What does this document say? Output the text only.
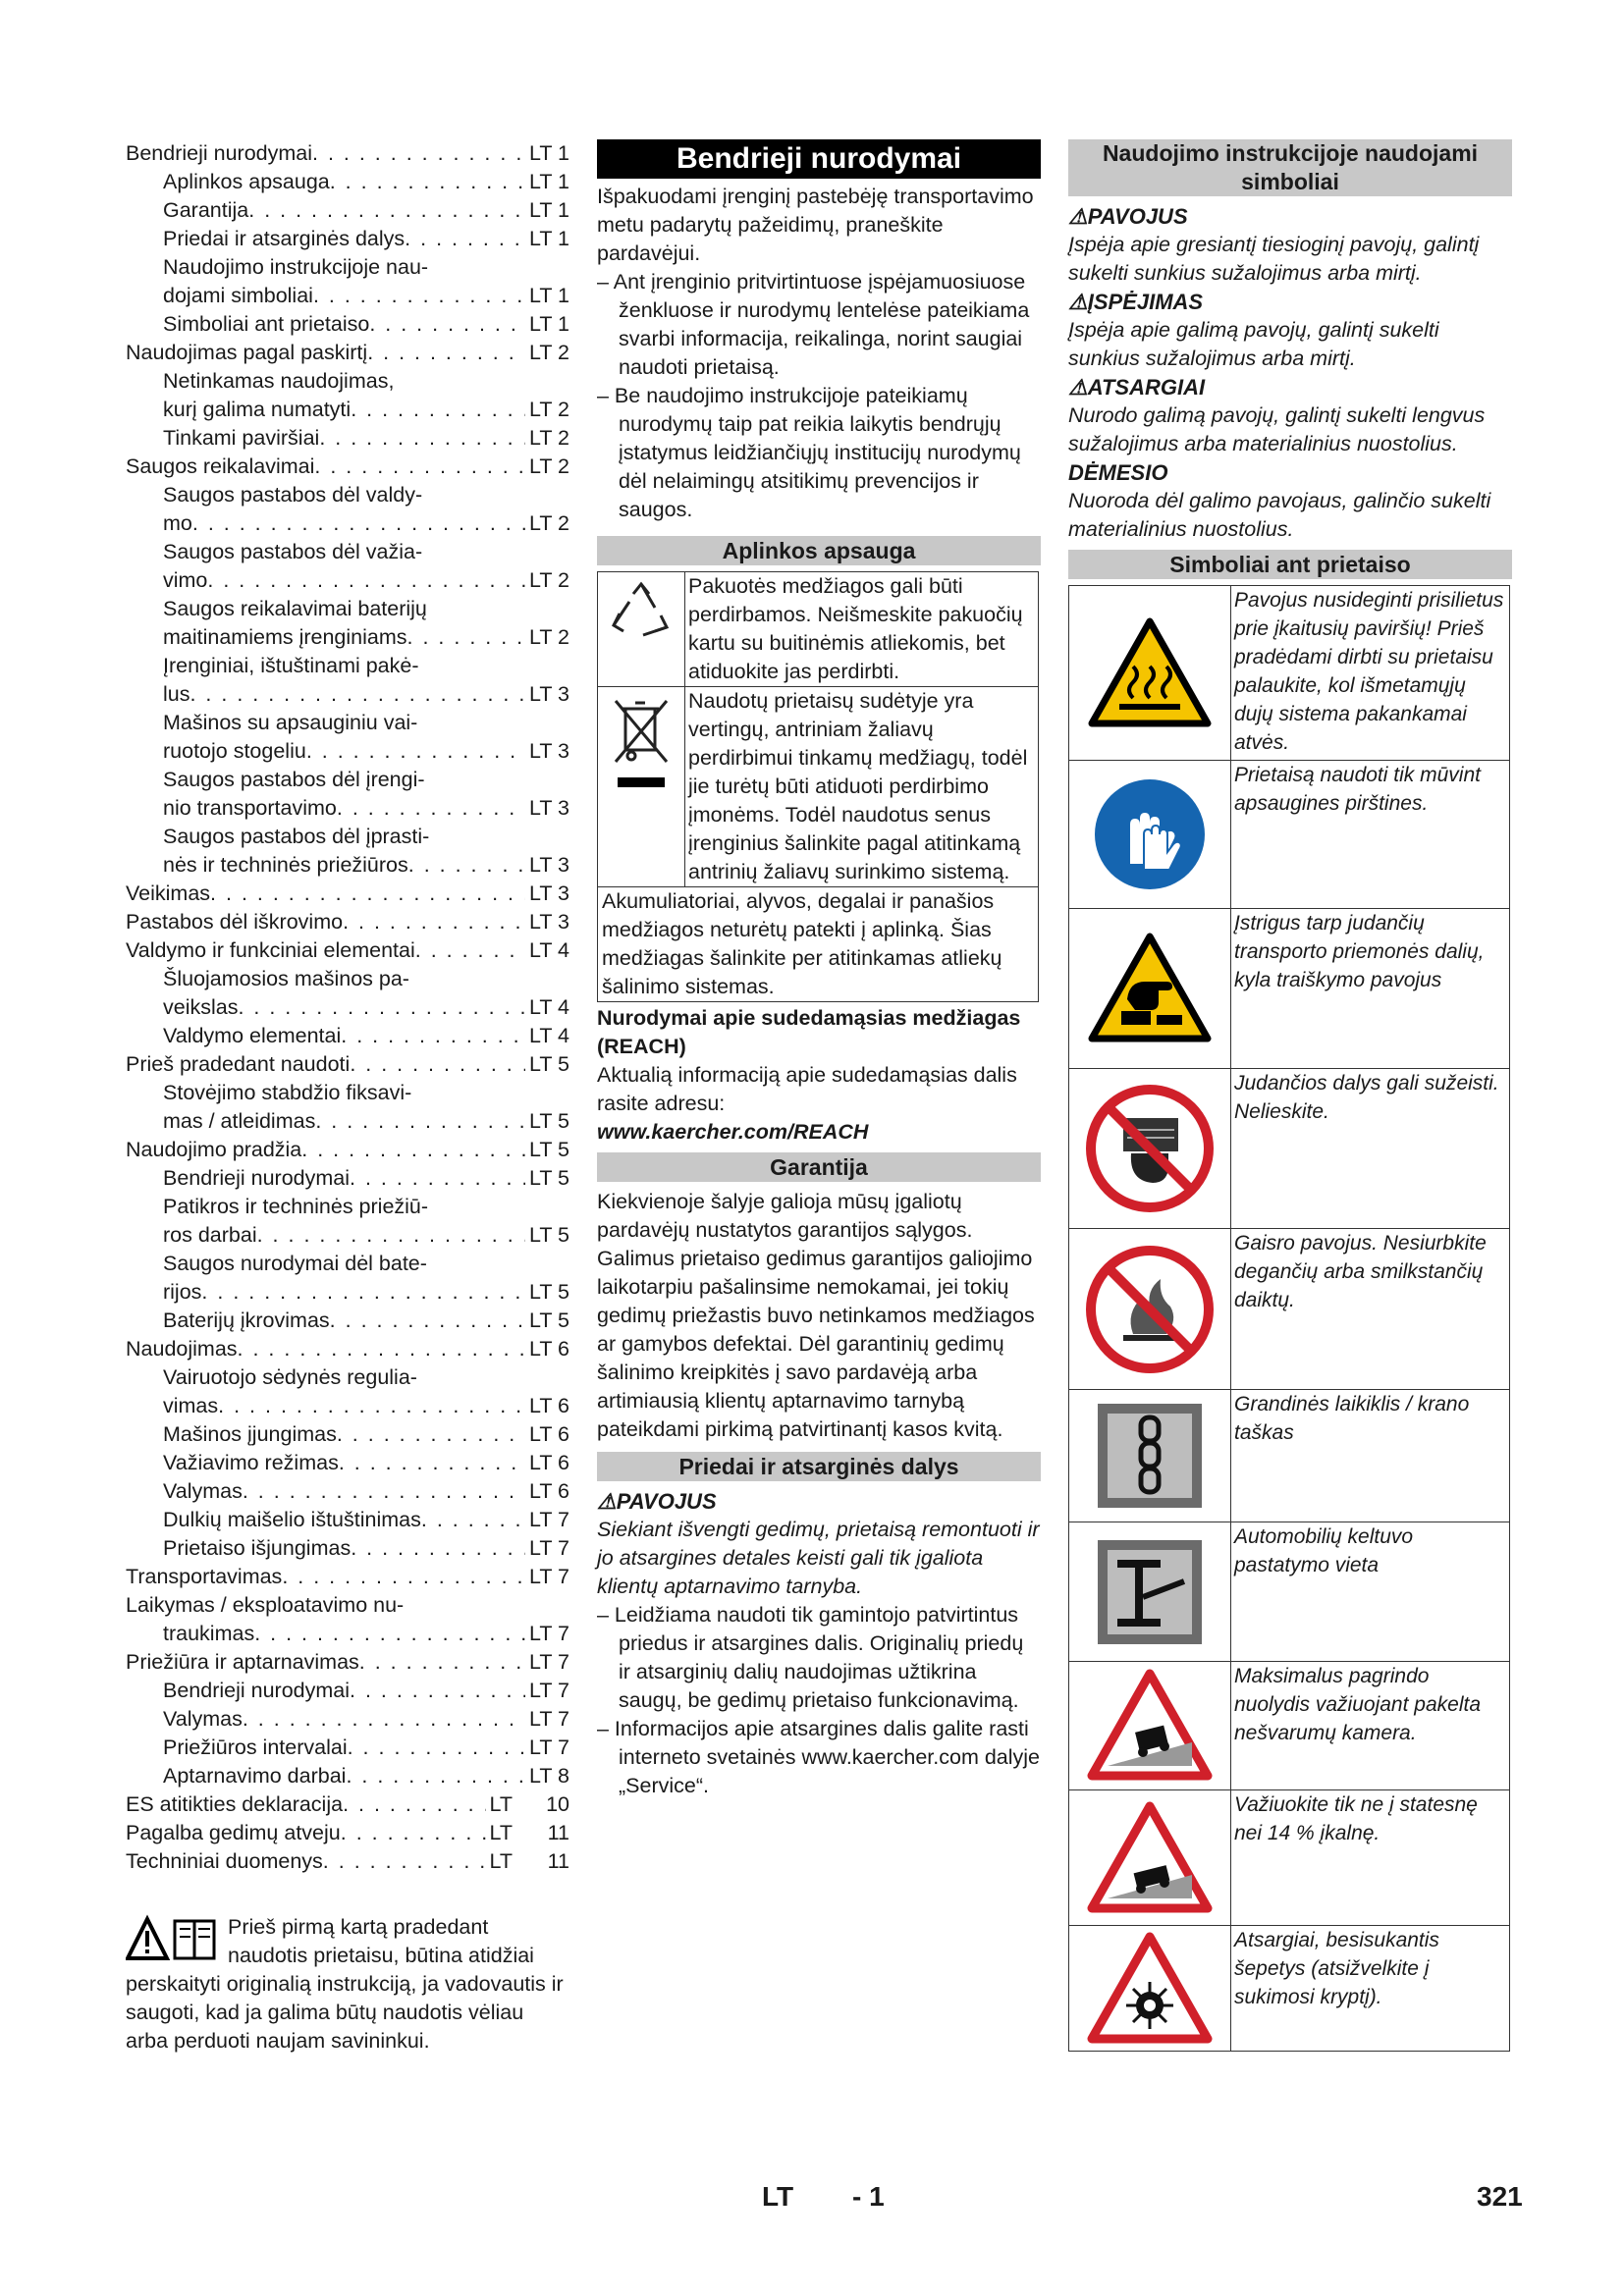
Bendrieji nurodymai . . .	LT 1
Aplinkos apsauga . . .	LT 1
Garantija . . .	LT 1
Priedai ir atsarginės dalys . . .	LT 1
Naudojimo instrukcijoje nau-
dojami simboliai . . .	LT 1
Simboliai ant prietaiso . . .	LT 1
Naudojimas pagal paskirtį . . .	LT 2
Netinkamas naudojimas,
kurį galima numatyti . . .	LT 2
Tinkami paviršiai . . .	LT 2
Saugos reikalavimai . . .	LT 2
Saugos pastabos dėl valdy-
mo . . .	LT 2
Saugos pastabos dėl važia-
vimo . . .	LT 2
Saugos reikalavimai baterijų
maitinamiems įrenginiams . . .	LT 2
Įrenginiai, ištuštinami pakė-
lus . . .	LT 3
Mašinos su apsauginiu vai-
ruotojo stogeliu . . .	LT 3
Saugos pastabos dėl įrengi-
nio transportavimo . . .	LT 3
Saugos pastabos dėl įprasti-
nės ir techninės priežiūros . . .	LT 3
Veikimas . . .	LT 3
Pastabos dėl iškrovimo . . .	LT 3
Valdymo ir funkciniai elementai . . .	LT 4
Šluojamosios mašinos pa-
veikslas . . .	LT 4
Valdymo elementai . . .	LT 4
Prieš pradedant naudoti . . .	LT 5
Stovėjimo stabdžio fiksavi-
mas / atleidimas . . .	LT 5
Naudojimo pradžia . . .	LT 5
Bendrieji nurodymai . . .	LT 5
Patikros ir techninės priežiū-
ros darbai . . .	LT 5
Saugos nurodymai dėl bate-
rijos . . .	LT 5
Baterijų įkrovimas . . .	LT 5
Naudojimas . . .	LT 6
Vairuotojo sėdynės regulia-
vimas . . .	LT 6
Mašinos įjungimas . . .	LT 6
Važiavimo režimas . . .	LT 6
Valymas . . .	LT 6
Dulkių maišelio ištuštinimas . . .	LT 7
Prietaiso išjungimas . . .	LT 7
Transportavimas . . .	LT 7
Laikymas / eksploatavimo nu-
traukimas . . .	LT 7
Priežiūra ir aptarnavimas . . .	LT 7
Bendrieji nurodymai . . .	LT 7
Valymas . . .	LT 7
Priežiūros intervalai . . .	LT 7
Aptarnavimo darbai . . .	LT 8
ES atitikties deklaracija . . .	LT	10
Pagalba gedimų atveju . . .	LT	11
Techniniai duomenys . . .	LT	11
Prieš pirmą kartą pradedant naudotis prietaisu, būtina atidžiai perskaityti originalią instrukciją, ja vadovautis ir saugoti, kad ja galima būtų naudotis vėliau arba perduoti naujam savininkui.
Bendrieji nurodymai
Išpakuodami įrenginį pastebėję transportavimo metu padarytų pažeidimų, praneškite pardavėjui.
– Ant įrenginio pritvirtintuose įspėjamuosiuose ženkluose ir nurodymų lentelėse pateikiama svarbi informacija, reikalinga, norint saugiai naudoti prietaisą.
– Be naudojimo instrukcijoje pateikiamų nurodymų taip pat reikia laikytis bendrųjų įstatymus leidžiančiųjų institucijų nurodymų dėl nelaimingų atsitikimų prevencijos ir saugos.
Aplinkos apsauga
Pakuotės medžiagos gali būti perdirbamos. Neišmeskite pakuočių kartu su buitinėmis atliekomis, bet atiduokite jas perdirbti.
Naudotų prietaisų sudėtyje yra vertingų, antriniam žaliavų perdirbimui tinkamų medžiagų, todėl jie turėtų būti atiduoti perdirbimo įmonėms. Todėl naudotus senus įrenginius šalinkite pagal atitinkamą antrinių žaliavų surinkimo sistemą.
Akumuliatoriai, alyvos, degalai ir panašios medžiagos neturėtų patekti į aplinką. Šias medžiagas šalinkite per atitinkamas atliekų šalinimo sistemas.
Nurodymai apie sudedamąsias medžiagas (REACH)
Aktualią informaciją apie sudedamąsias dalis rasite adresu:
www.kaercher.com/REACH
Garantija
Kiekvienoje šalyje galioja mūsų įgaliotų pardavėjų nustatytos garantijos sąlygos. Galimus prietaiso gedimus garantijos galiojimo laikotarpiu pašalinsime nemokamai, jei tokių gedimų priežastis buvo netinkamos medžiagos ar gamybos defektai. Dėl garantinių gedimų šalinimo kreipkitės į savo pardavėją arba artimiausią klientų aptarnavimo tarnybą pateikdami pirkimą patvirtinantį kasos kvitą.
Priedai ir atsarginės dalys
⚠PAVOJUS
Siekiant išvengti gedimų, prietaisą remontuoti ir jo atsargines detales keisti gali tik įgaliota klientų aptarnavimo tarnyba.
– Leidžiama naudoti tik gamintojo patvirtintus priedus ir atsargines dalis. Originalių priedų ir atsarginių dalių naudojimas užtikrina saugų, be gedimų prietaiso funkcionavimą.
– Informacijos apie atsargines dalis galite rasti interneto svetainės www.kaercher.com dalyje „Service“.
Naudojimo instrukcijoje naudojami simboliai
⚠PAVOJUS
Įspėja apie gresiantį tiesioginį pavojų, galintį sukelti sunkius sužalojimus arba mirtį.
⚠ĮSPĖJIMAS
Įspėja apie galimą pavojų, galintį sukelti sunkius sužalojimus arba mirtį.
⚠ATSARGIAI
Nurodo galimą pavojų, galintį sukelti lengvus sužalojimus arba materialinius nuostolius.
DĖMESIO
Nuoroda dėl galimo pavojaus, galinčio sukelti materialinius nuostolius.
Simboliai ant prietaiso
Pavojus nusideginti prisilietus prie įkaitusių paviršių! Prieš pradėdami dirbti su prietaisu palaukite, kol išmetamųjų dujų sistema pakankamai atvės.
Prietaisą naudoti tik mūvint apsaugines pirštines.
Įstrigus tarp judančių transporto priemonės dalių, kyla traiškymo pavojus
Judančios dalys gali sužeisti. Nelieskite.
Gaisro pavojus. Nesiurbkite degančių arba smilkstančių daiktų.
Grandinės laikiklis / krano taškas
Automobilių keltuvo pastatymo vieta
Maksimalus pagrindo nuolydis važiuojant pakelta nešvarumų kamera.
Važiuokite tik ne į statesnę nei 14 % įkalnę.
Atsargiai, besisukantis šepetys (atsižvelkite į sukimosi kryptį).
LT - 1	321
